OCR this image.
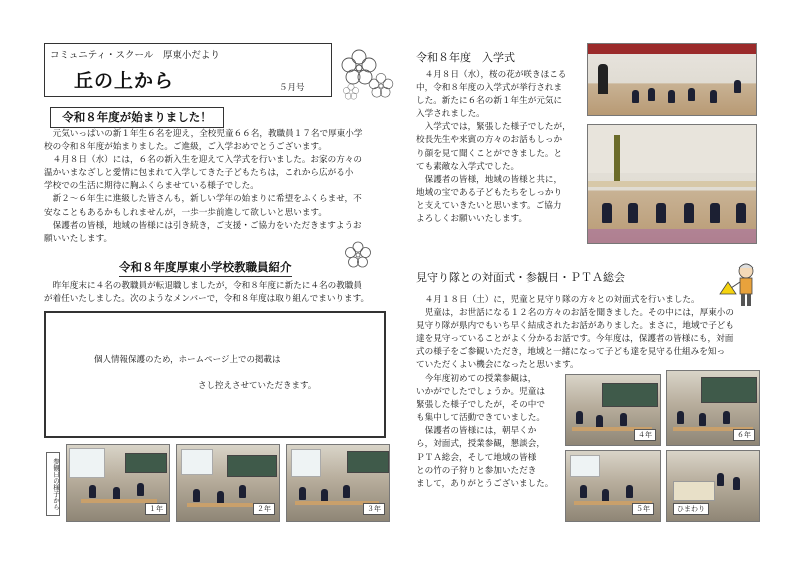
コミュニティ・スクール　厚東小だより
丘の上から	５月号
令和８年度が始まりました！
元気いっぱいの新１年生６名を迎え，全校児童６６名，教職員１７名で厚東小学
校の令和８年度が始まりました。ご進級，ご入学おめでとうございます。
４月８日（水）には，６名の新入生を迎えて入学式を行いました。お家の方々の
温かいまなざしと愛情に包まれて入学してきた子どもたちは，これから広がる小
学校での生活に期待に胸ふくらませている様子でした。
新２～６年生に進級した皆さんも，新しい学年の始まりに希望をふくらませ，不
安なこともあるかもしれませんが，一歩一歩前進して欲しいと思います。
保護者の皆様，地域の皆様には引き続き，ご支援・ご協力をいただきますようお
願いいたします。
令和８年度厚東小学校教職員紹介
昨年度末に４名の教職員が転退職しましたが，令和８年度に新たに４名の教職員
が着任いたしました。次のようなメンバーで，令和８年度は取り組んでまいります。
個人情報保護のため，ホームページ上での掲載は
さし控えさせていただきます。
参観日の様子から	１年	２年	３年
令和８年度　入学式
４月８日（水），桜の花が咲きほこる
中，令和８年度の入学式が挙行されま
した。新たに６名の新１年生が元気に
入学されました。
入学式では，緊張した様子でしたが，
校長先生や来賓の方々のお話もしっか
り顔を見て聞くことができました。と
ても素敵な入学式でした。
保護者の皆様，地域の皆様と共に，
地域の宝である子どもたちをしっかり
と支えていきたいと思います。ご協力
よろしくお願いいたします。
見守り隊との対面式・参観日・ＰＴＡ総会
４月１８日（土）に，児童と見守り隊の方々との対面式を行いました。
児童は，お世話になる１２名の方々のお話を聞きました。その中には，厚東小の
見守り隊が県内でもいち早く結成されたお話がありました。まさに，地域で子ども
達を見守っていることがよく分かるお話です。今年度は，保護者の皆様にも，対面
式の様子をご参観いただき，地域と一緒になって子ども達を見守る仕組みを知っ
ていただくよい機会になったと思います。
今年度初めての授業参観は，
いかがでしたでしょうか。児童は
緊張した様子でしたが，その中で
も集中して活動できていました。
保護者の皆様には，朝早くか
ら，対面式，授業参観，懇談会，
ＰＴＡ総会，そして地域の皆様
との竹の子狩りと参加いただき
まして，ありがとうございました。
４年	６年
５年	ひまわり
